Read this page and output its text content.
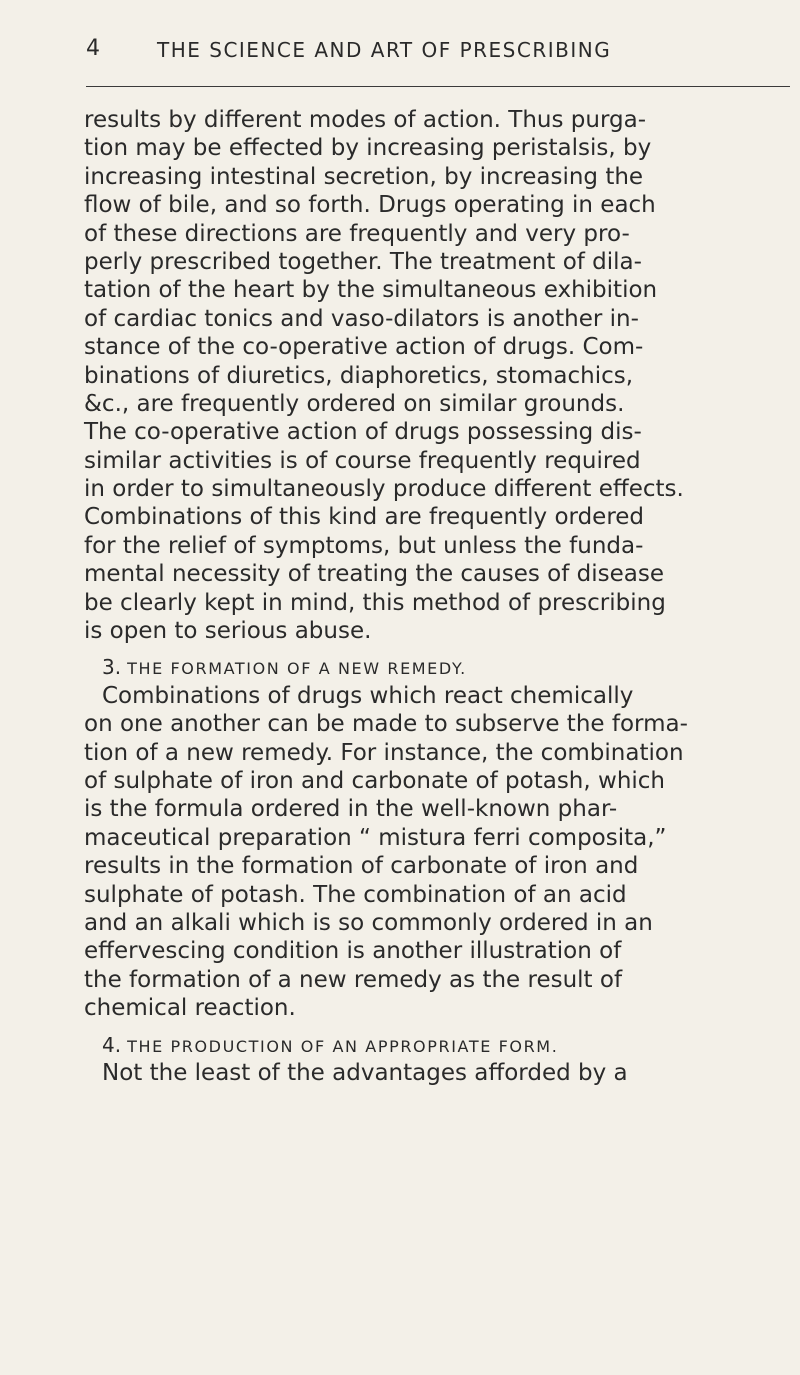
4	THE SCIENCE AND ART OF PRESCRIBING
results by different modes of action. Thus purga-
tion may be effected by increasing peristalsis, by
increasing intestinal secretion, by increasing the
flow of bile, and so forth. Drugs operating in each
of these directions are frequently and very pro-
perly prescribed together. The treatment of dila-
tation of the heart by the simultaneous exhibition
of cardiac tonics and vaso-dilators is another in-
stance of the co-operative action of drugs. Com-
binations of diuretics, diaphoretics, stomachics,
&c., are frequently ordered on similar grounds.
The co-operative action of drugs possessing dis-
similar activities is of course frequently required
in order to simultaneously produce different effects.
Combinations of this kind are frequently ordered
for the relief of symptoms, but unless the funda-
mental necessity of treating the causes of disease
be clearly kept in mind, this method of prescribing
is open to serious abuse.
3. THE FORMATION OF A NEW REMEDY.
Combinations of drugs which react chemically
on one another can be made to subserve the forma-
tion of a new remedy. For instance, the combination
of sulphate of iron and carbonate of potash, which
is the formula ordered in the well-known phar-
maceutical preparation “ mistura ferri composita,”
results in the formation of carbonate of iron and
sulphate of potash. The combination of an acid
and an alkali which is so commonly ordered in an
effervescing condition is another illustration of
the formation of a new remedy as the result of
chemical reaction.
4. THE PRODUCTION OF AN APPROPRIATE FORM.
Not the least of the advantages afforded by a
